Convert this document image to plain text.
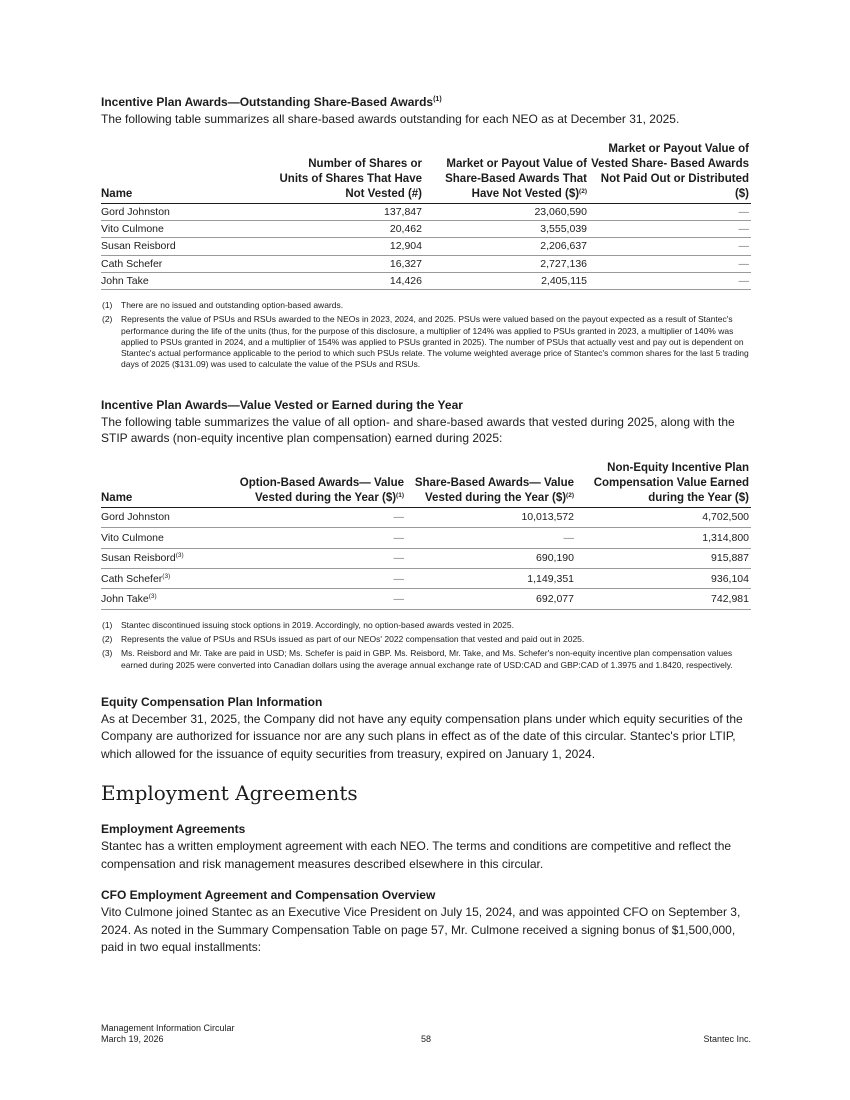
Incentive Plan Awards—Outstanding Share-Based Awards$^{(1)}$

The following table summarizes all share-based awards outstanding for each NEO as at December 31, 2025.

Name	Number of Shares or Units of Shares That Have Not Vested (#)	Market or Payout Value of Share-Based Awards That Have Not Vested ($)$^{(2)}$	Market or Payout Value of Vested Share- Based Awards Not Paid Out or Distributed ($)
Gord Johnston	137,847	23,060,590	—
Vito Culmone	20,462	3,555,039	—
Susan Reisbord	12,904	2,206,637	—
Cath Schefer	16,327	2,727,136	—
John Take	14,426	2,405,115	—
(1)	There are no issued and outstanding option-based awards.
(2)	Represents the value of PSUs and RSUs awarded to the NEOs in 2023, 2024, and 2025. PSUs were valued based on the payout expected as a result of Stantec's performance during the life of the units (thus, for the purpose of this disclosure, a multiplier of 124% was applied to PSUs granted in 2023, a multiplier of 140% was applied to PSUs granted in 2024, and a multiplier of 154% was applied to PSUs granted in 2025). The number of PSUs that actually vest and pay out is dependent on Stantec's actual performance applicable to the period to which such PSUs relate. The volume weighted average price of Stantec's common shares for the last 5 trading days of 2025 ($131.09) was used to calculate the value of the PSUs and RSUs.
Incentive Plan Awards—Value Vested or Earned during the Year

The following table summarizes the value of all option- and share-based awards that vested during 2025, along with the STIP awards (non-equity incentive plan compensation) earned during 2025:

Name	Option-Based Awards— Value Vested during the Year ($)$^{(1)}$	Share-Based Awards— Value Vested during the Year ($)$^{(2)}$	Non-Equity Incentive Plan Compensation Value Earned during the Year ($)
Gord Johnston	—	10,013,572	4,702,500
Vito Culmone	—	—	1,314,800
Susan Reisbord$^{(3)}$	—	690,190	915,887
Cath Schefer$^{(3)}$	—	1,149,351	936,104
John Take$^{(3)}$	—	692,077	742,981
(1)	Stantec discontinued issuing stock options in 2019. Accordingly, no option-based awards vested in 2025.
(2)	Represents the value of PSUs and RSUs issued as part of our NEOs' 2022 compensation that vested and paid out in 2025.
(3)	Ms. Reisbord and Mr. Take are paid in USD; Ms. Schefer is paid in GBP. Ms. Reisbord, Mr. Take, and Ms. Schefer's non-equity incentive plan compensation values earned during 2025 were converted into Canadian dollars using the average annual exchange rate of USD:CAD and GBP:CAD of 1.3975 and 1.8420, respectively.
Equity Compensation Plan Information

As at December 31, 2025, the Company did not have any equity compensation plans under which equity securities of the Company are authorized for issuance nor are any such plans in effect as of the date of this circular. Stantec's prior LTIP, which allowed for the issuance of equity securities from treasury, expired on January 1, 2024.

Employment Agreements
Employment Agreements

Stantec has a written employment agreement with each NEO. The terms and conditions are competitive and reflect the compensation and risk management measures described elsewhere in this circular.

CFO Employment Agreement and Compensation Overview

Vito Culmone joined Stantec as an Executive Vice President on July 15, 2024, and was appointed CFO on September 3, 2024. As noted in the Summary Compensation Table on page 57, Mr. Culmone received a signing bonus of $1,500,000, paid in two equal installments:

Management Information Circular
March 19, 2026	58	Stantec Inc.
